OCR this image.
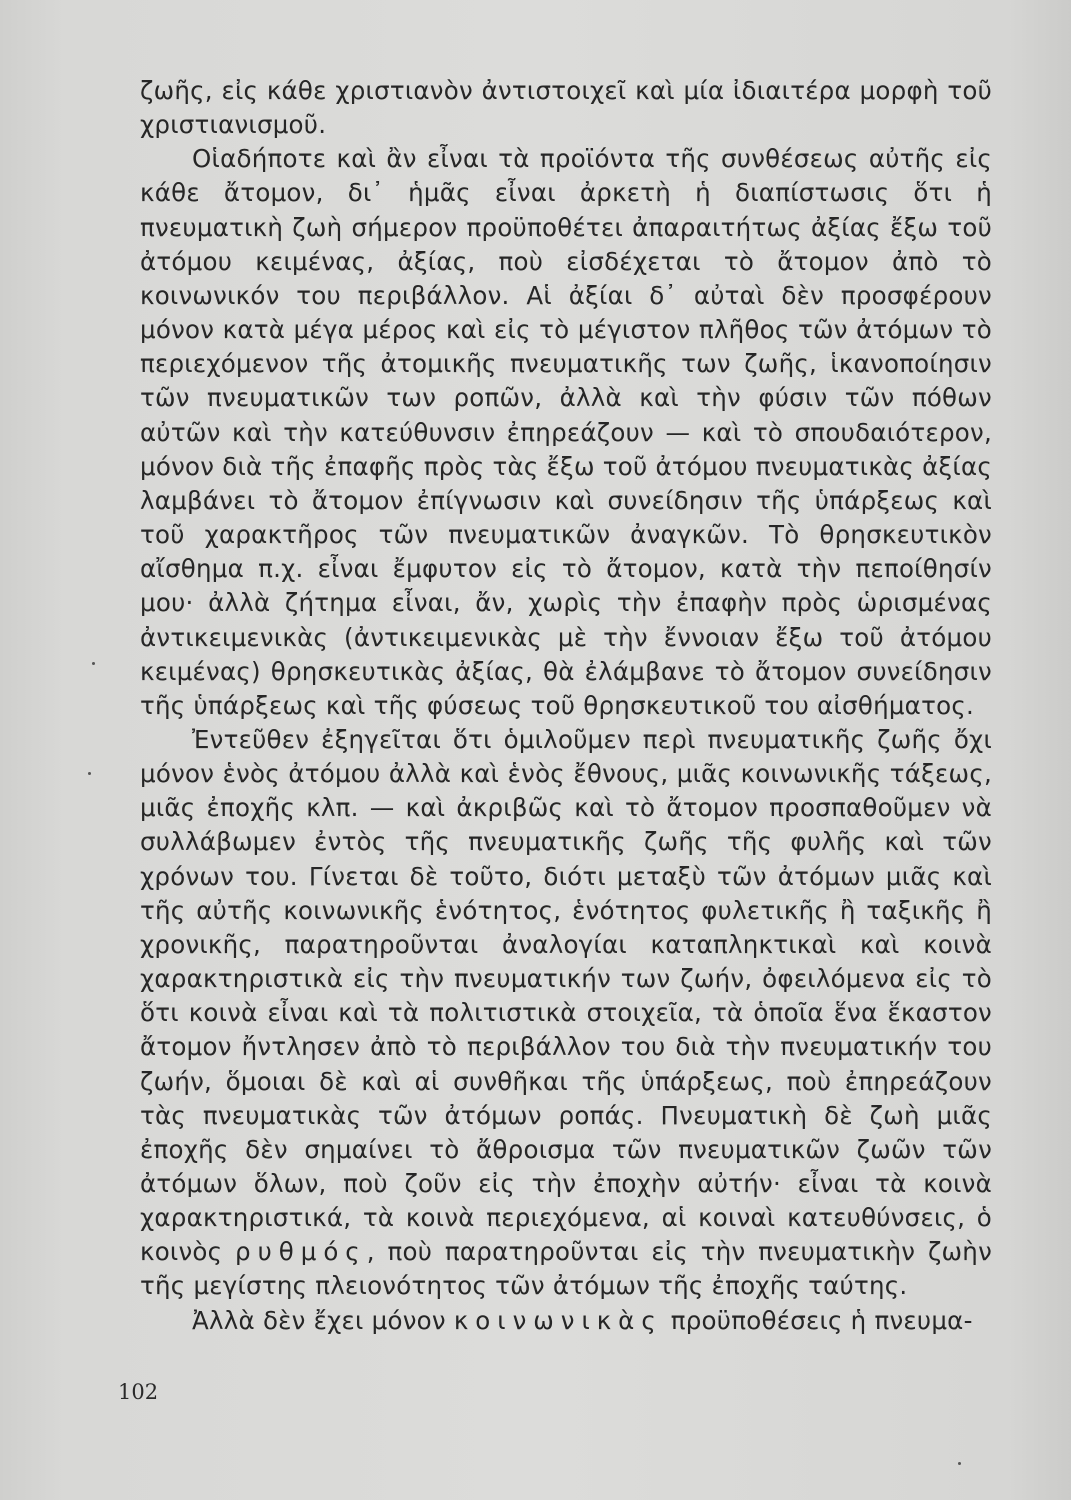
ζωῆς, εἰς κάθε χριστιανὸν ἀντιστοιχεῖ καὶ μία ἰδιαιτέρα μορφὴ τοῦ χριστιανισμοῦ.

Οἱαδήποτε καὶ ἂν εἶναι τὰ προϊόντα τῆς συνθέσεως αὐτῆς εἰς κάθε ἄτομον, δι᾽ ἡμᾶς εἶναι ἀρκετὴ ἡ διαπίστωσις ὅτι ἡ πνευματικὴ ζωὴ σήμερον προϋποθέτει ἀπαραιτήτως ἀξίας ἔξω τοῦ ἀτόμου κειμένας, ἀξίας, ποὺ εἰσδέχεται τὸ ἄτομον ἀπὸ τὸ κοινωνικόν του περιβάλλον. Αἱ ἀξίαι δ᾽ αὐταὶ δὲν προσφέρουν μόνον κατὰ μέγα μέρος καὶ εἰς τὸ μέγιστον πλῆθος τῶν ἀτόμων τὸ περιεχόμενον τῆς ἀτομικῆς πνευματικῆς των ζωῆς, ἱκανοποίησιν τῶν πνευματικῶν των ροπῶν, ἀλλὰ καὶ τὴν φύσιν τῶν πόθων αὐτῶν καὶ τὴν κατεύθυνσιν ἐπηρεάζουν — καὶ τὸ σπουδαιότερον, μόνον διὰ τῆς ἐπαφῆς πρὸς τὰς ἔξω τοῦ ἀτόμου πνευματικὰς ἀξίας λαμβάνει τὸ ἄτομον ἐπίγνωσιν καὶ συνείδησιν τῆς ὑπάρξεως καὶ τοῦ χαρακτῆρος τῶν πνευματικῶν ἀναγκῶν. Τὸ θρησκευτικὸν αἴσθημα π.χ. εἶναι ἔμφυτον εἰς τὸ ἄτομον, κατὰ τὴν πεποίθησίν μου· ἀλλὰ ζήτημα εἶναι, ἄν, χωρὶς τὴν ἐπαφὴν πρὸς ὡρισμένας ἀντικειμενικὰς (ἀντικειμενικὰς μὲ τὴν ἔννοιαν ἔξω τοῦ ἀτόμου κειμένας) θρησκευτικὰς ἀξίας, θὰ ἐλάμβανε τὸ ἄτομον συνείδησιν τῆς ὑπάρξεως καὶ τῆς φύσεως τοῦ θρησκευτικοῦ του αἰσθήματος.

Ἐντεῦθεν ἐξηγεῖται ὅτι ὁμιλοῦμεν περὶ πνευματικῆς ζωῆς ὄχι μόνον ἑνὸς ἀτόμου ἀλλὰ καὶ ἑνὸς ἔθνους, μιᾶς κοινωνικῆς τάξεως, μιᾶς ἐποχῆς κλπ. — καὶ ἀκριβῶς καὶ τὸ ἄτομον προσπαθοῦμεν νὰ συλλάβωμεν ἐντὸς τῆς πνευματικῆς ζωῆς τῆς φυλῆς καὶ τῶν χρόνων του. Γίνεται δὲ τοῦτο, διότι μεταξὺ τῶν ἀτόμων μιᾶς καὶ τῆς αὐτῆς κοινωνικῆς ἑνότητος, ἑνότητος φυλετικῆς ἢ ταξικῆς ἢ χρονικῆς, παρατηροῦνται ἀναλογίαι καταπληκτικαὶ καὶ κοινὰ χαρακτηριστικὰ εἰς τὴν πνευματικήν των ζωήν, ὀφειλόμενα εἰς τὸ ὅτι κοινὰ εἶναι καὶ τὰ πολιτιστικὰ στοιχεῖα, τὰ ὁποῖα ἕνα ἕκαστον ἄτομον ἤντλησεν ἀπὸ τὸ περιβάλλον του διὰ τὴν πνευματικήν του ζωήν, ὅμοιαι δὲ καὶ αἱ συνθῆκαι τῆς ὑπάρξεως, ποὺ ἐπηρεάζουν τὰς πνευματικὰς τῶν ἀτόμων ροπάς. Πνευματικὴ δὲ ζωὴ μιᾶς ἐποχῆς δὲν σημαίνει τὸ ἄθροισμα τῶν πνευματικῶν ζωῶν τῶν ἀτόμων ὅλων, ποὺ ζοῦν εἰς τὴν ἐποχὴν αὐτήν· εἶναι τὰ κοινὰ χαρακτηριστικά, τὰ κοινὰ περιεχόμενα, αἱ κοιναὶ κατευθύνσεις, ὁ κοινὸς ρυθμός, ποὺ παρατηροῦνται εἰς τὴν πνευματικὴν ζωὴν τῆς μεγίστης πλειονότητος τῶν ἀτόμων τῆς ἐποχῆς ταύτης.

Ἀλλὰ δὲν ἔχει μόνον κοινωνικὰς προϋποθέσεις ἡ πνευμα-

102
